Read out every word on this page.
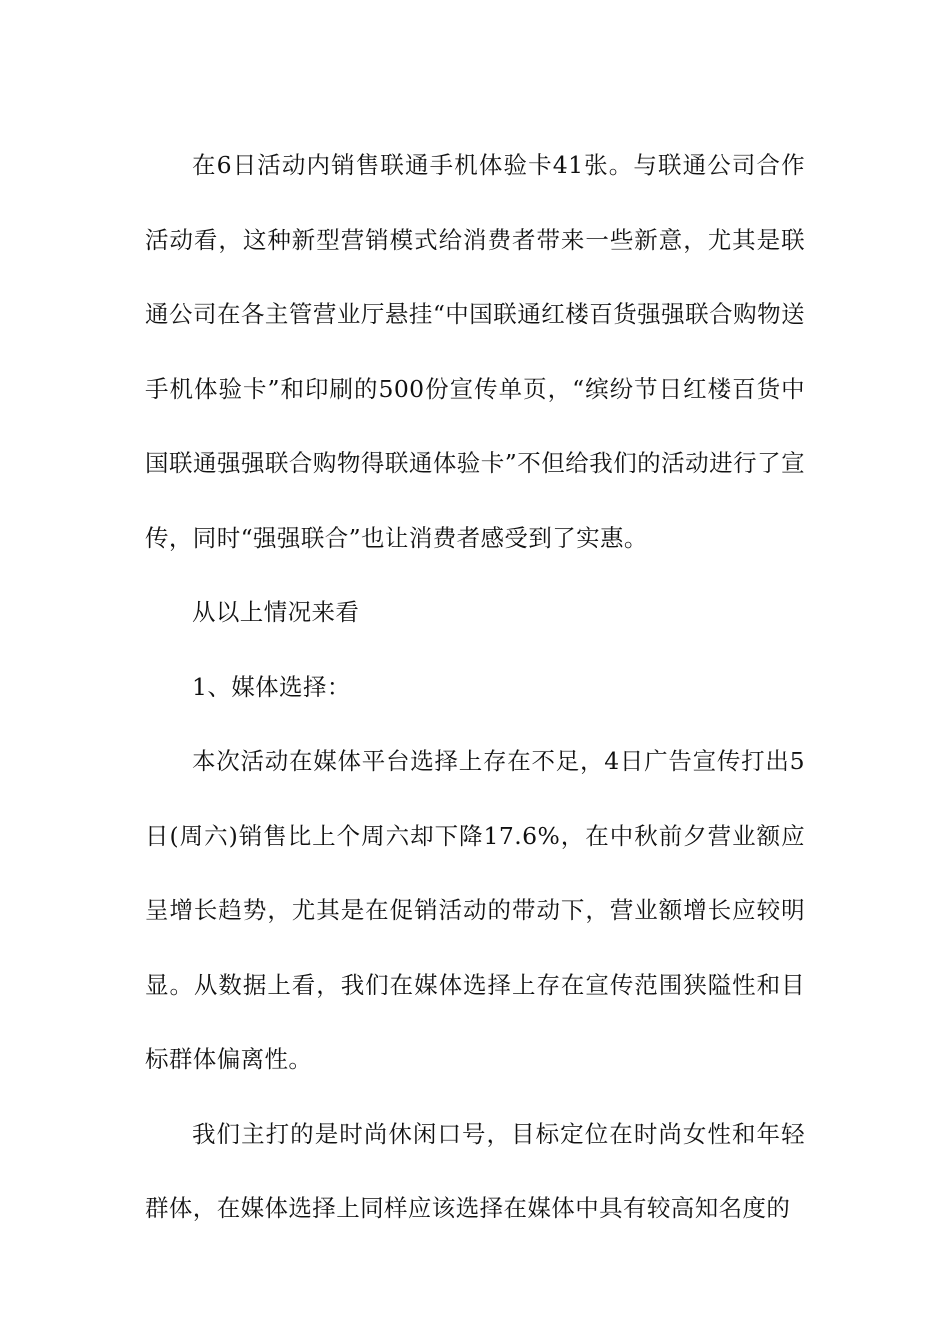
在6日活动内销售联通手机体验卡41张。与联通公司合作活动看，这种新型营销模式给消费者带来一些新意，尤其是联通公司在各主管营业厅悬挂“中国联通红楼百货强强联合购物送手机体验卡”和印刷的500份宣传单页，“缤纷节日红楼百货中国联通强强联合购物得联通体验卡”不但给我们的活动进行了宣传，同时“强强联合”也让消费者感受到了实惠。

从以上情况来看

1、媒体选择：

本次活动在媒体平台选择上存在不足，4日广告宣传打出5日(周六)销售比上个周六却下降17.6%，在中秋前夕营业额应呈增长趋势，尤其是在促销活动的带动下，营业额增长应较明显。从数据上看，我们在媒体选择上存在宣传范围狭隘性和目标群体偏离性。

我们主打的是时尚休闲口号，目标定位在时尚女性和年轻群体，在媒体选择上同样应该选择在媒体中具有较高知名度的
